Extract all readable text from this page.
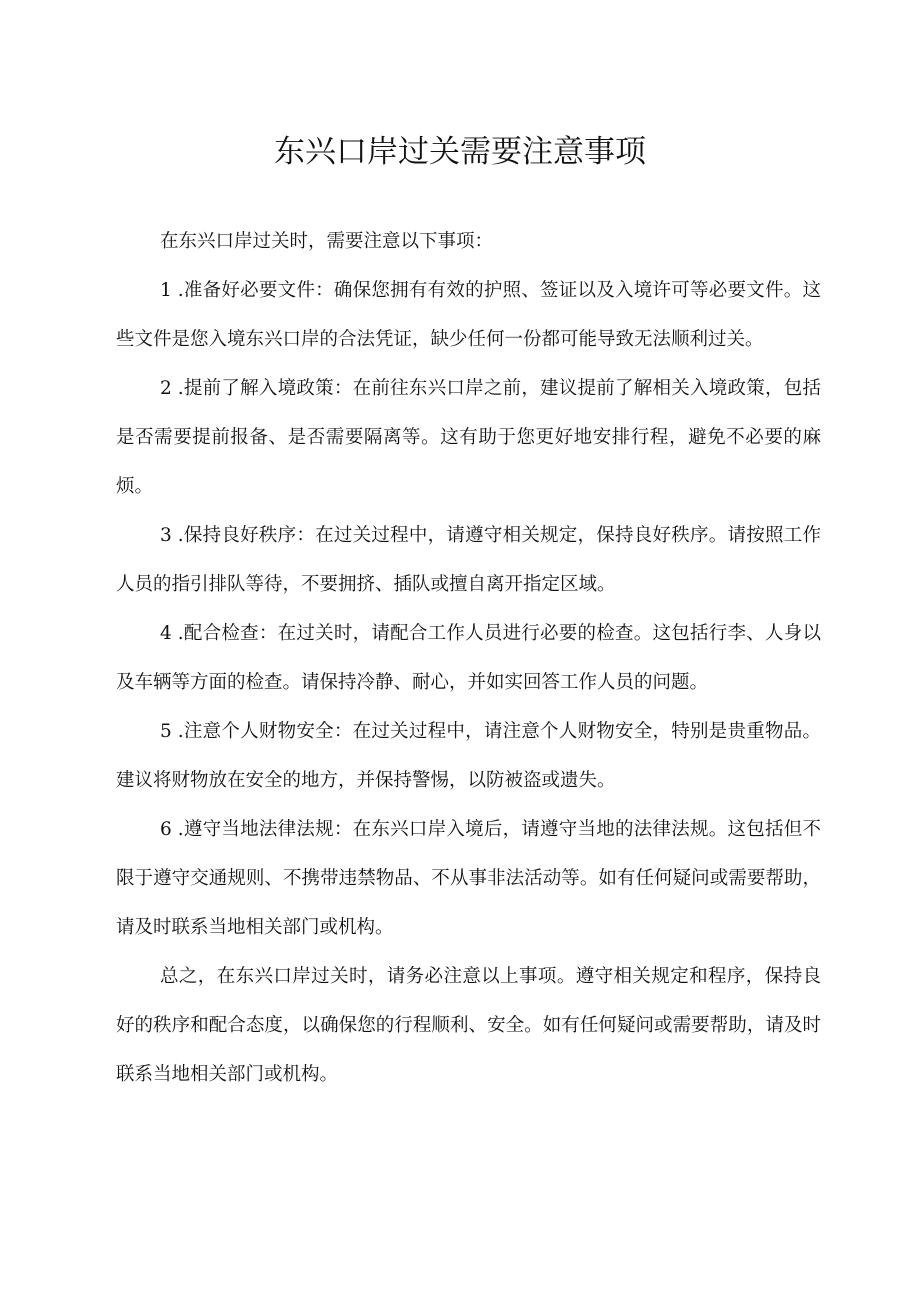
东兴口岸过关需要注意事项

在东兴口岸过关时，需要注意以下事项：

1 .准备好必要文件：确保您拥有有效的护照、签证以及入境许可等必要文件。这些文件是您入境东兴口岸的合法凭证，缺少任何一份都可能导致无法顺利过关。

2 .提前了解入境政策：在前往东兴口岸之前，建议提前了解相关入境政策，包括是否需要提前报备、是否需要隔离等。这有助于您更好地安排行程，避免不必要的麻烦。

3 .保持良好秩序：在过关过程中，请遵守相关规定，保持良好秩序。请按照工作人员的指引排队等待，不要拥挤、插队或擅自离开指定区域。

4 .配合检查：在过关时，请配合工作人员进行必要的检查。这包括行李、人身以及车辆等方面的检查。请保持冷静、耐心，并如实回答工作人员的问题。

5 .注意个人财物安全：在过关过程中，请注意个人财物安全，特别是贵重物品。建议将财物放在安全的地方，并保持警惕，以防被盗或遗失。

6 .遵守当地法律法规：在东兴口岸入境后，请遵守当地的法律法规。这包括但不限于遵守交通规则、不携带违禁物品、不从事非法活动等。如有任何疑问或需要帮助，请及时联系当地相关部门或机构。

总之，在东兴口岸过关时，请务必注意以上事项。遵守相关规定和程序，保持良好的秩序和配合态度，以确保您的行程顺利、安全。如有任何疑问或需要帮助，请及时联系当地相关部门或机构。
